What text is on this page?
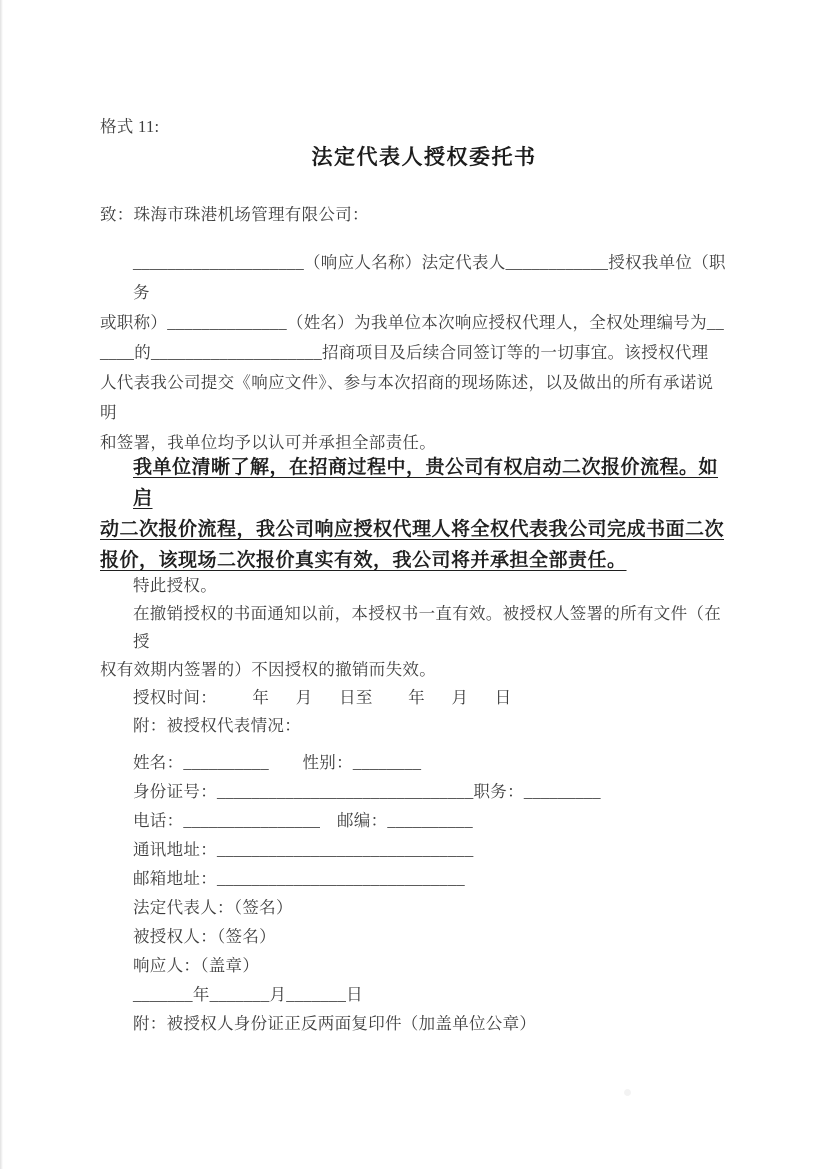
格式 11:
法定代表人授权委托书
致：珠海市珠港机场管理有限公司：
____________________（响应人名称）法定代表人____________授权我单位（职务
或职称）______________（姓名）为我单位本次响应授权代理人，全权处理编号为__
____的____________________招商项目及后续合同签订等的一切事宜。该授权代理
人代表我公司提交《响应文件》、参与本次招商的现场陈述，以及做出的所有承诺说明
和签署，我单位均予以认可并承担全部责任。
我单位清晰了解，在招商过程中，贵公司有权启动二次报价流程。如启
动二次报价流程，我公司响应授权代理人将全权代表我公司完成书面二次
报价，该现场二次报价真实有效，我公司将并承担全部责任。
特此授权。
在撤销授权的书面通知以前，本授权书一直有效。被授权人签署的所有文件（在授
权有效期内签署的）不因授权的撤销而失效。
授权时间：        年      月      日至        年      月      日
附：被授权代表情况：
姓名：__________　　性别：________
身份证号：______________________________职务：_________
电话：________________　邮编：__________
通讯地址：______________________________
邮箱地址：_____________________________
法定代表人：（签名）
被授权人：（签名）
响应人：（盖章）
_______年_______月_______日
附：被授权人身份证正反两面复印件（加盖单位公章）
